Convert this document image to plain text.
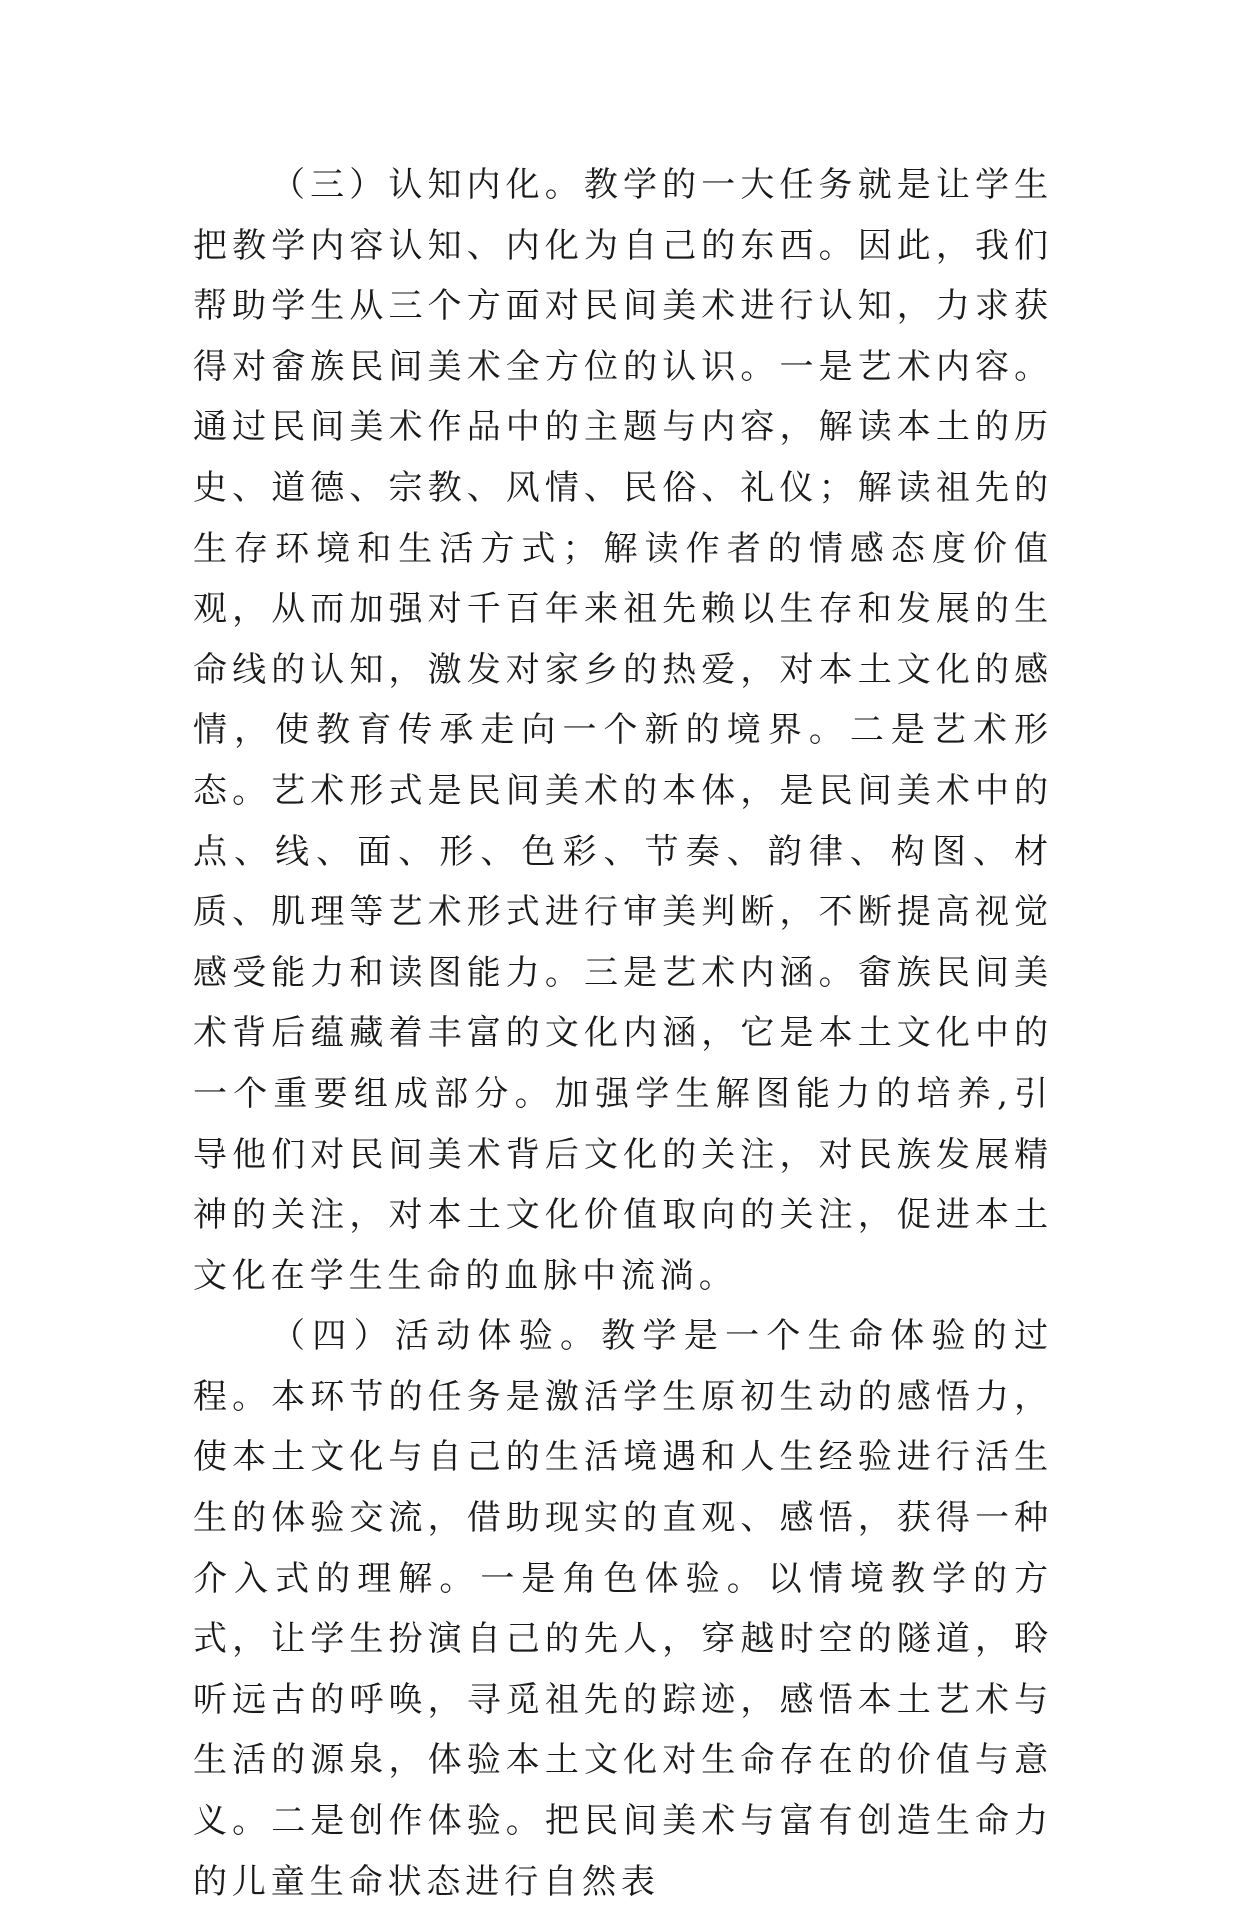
（三）认知内化。教学的一大任务就是让学生把教学内容认知、内化为自己的东西。因此，我们帮助学生从三个方面对民间美术进行认知，力求获得对畲族民间美术全方位的认识。一是艺术内容。通过民间美术作品中的主题与内容，解读本土的历史、道德、宗教、风情、民俗、礼仪；解读祖先的生存环境和生活方式；解读作者的情感态度价值观，从而加强对千百年来祖先赖以生存和发展的生命线的认知，激发对家乡的热爱，对本土文化的感情，使教育传承走向一个新的境界。二是艺术形态。艺术形式是民间美术的本体，是民间美术中的点、线、面、形、色彩、节奏、韵律、构图、材质、肌理等艺术形式进行审美判断，不断提高视觉感受能力和读图能力。三是艺术内涵。畲族民间美术背后蕴藏着丰富的文化内涵，它是本土文化中的一个重要组成部分。加强学生解图能力的培养,引导他们对民间美术背后文化的关注，对民族发展精神的关注，对本土文化价值取向的关注，促进本土文化在学生生命的血脉中流淌。

（四）活动体验。教学是一个生命体验的过程。本环节的任务是激活学生原初生动的感悟力，使本土文化与自己的生活境遇和人生经验进行活生生的体验交流，借助现实的直观、感悟，获得一种介入式的理解。一是角色体验。以情境教学的方式，让学生扮演自己的先人，穿越时空的隧道，聆听远古的呼唤，寻觅祖先的踪迹，感悟本土艺术与生活的源泉，体验本土文化对生命存在的价值与意义。二是创作体验。把民间美术与富有创造生命力的儿童生命状态进行自然表
